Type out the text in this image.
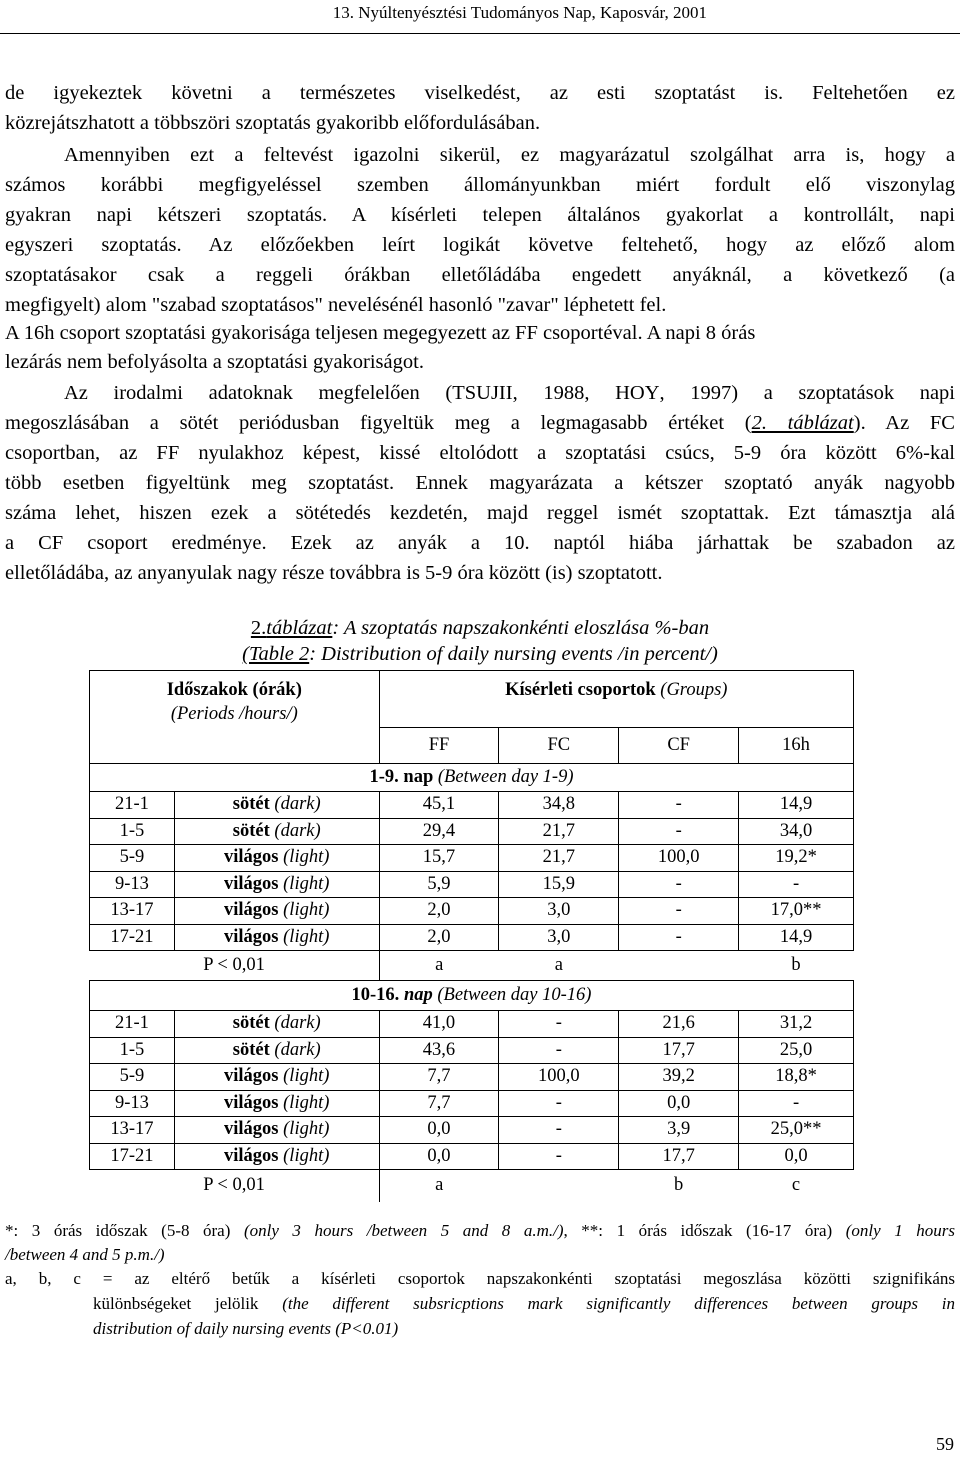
13. Nyúltenyésztési Tudományos Nap, Kaposvár, 2001
de igyekeztek követni a természetes viselkedést, az esti szoptatást is. Feltehetően ez
közrejátszhatott a többszöri szoptatás gyakoribb előfordulásában.
Amennyiben ezt a feltevést igazolni sikerül, ez magyarázatul szolgálhat arra is, hogy a
számos korábbi megfigyeléssel szemben állományunkban miért fordult elő viszonylag
gyakran napi kétszeri szoptatás. A kísérleti telepen általános gyakorlat a kontrollált, napi
egyszeri szoptatás. Az előzőekben leírt logikát követve feltehető, hogy az előző alom
szoptatásakor csak a reggeli órákban elletőládába engedett anyáknál, a következő (a
megfigyelt) alom "szabad szoptatásos" nevelésénél hasonló "zavar" léphetett fel.
A 16h csoport szoptatási gyakorisága teljesen megegyezett az FF csoportéval. A napi 8 órás
lezárás nem befolyásolta a szoptatási gyakoriságot.
Az irodalmi adatoknak megfelelően (TSUJII, 1988, HOY, 1997) a szoptatások napi
megoszlásában a sötét periódusban figyeltük meg a legmagasabb értéket (2. táblázat). Az FC
csoportban, az FF nyulakhoz képest, kissé eltolódott a szoptatási csúcs, 5-9 óra között 6%-kal
több esetben figyeltünk meg szoptatást. Ennek magyarázata a kétszer szoptató anyák nagyobb
száma lehet, hiszen ezek a sötétedés kezdetén, majd reggel ismét szoptattak. Ezt támasztja alá
a CF csoport eredménye. Ezek az anyák a 10. naptól hiába járhattak be szabadon az
elletőládába, az anyanyulak nagy része továbbra is 5-9 óra között (is) szoptatott.
2.táblázat: A szoptatás napszakonkénti eloszlása %-ban
(Table 2: Distribution of daily nursing events /in percent/)
Időszakok (órák)		Kísérleti csoportok (Groups)			
(Periods /hours/)					
		FF	FC	CF	16h
1-9. nap (Between day 1-9)					
21-1	sötét (dark)	45,1	34,8	-	14,9
1-5	sötét (dark)	29,4	21,7	-	34,0
5-9	világos (light)	15,7	21,7	100,0	19,2*
9-13	világos (light)	5,9	15,9	-	-
13-17	világos (light)	2,0	3,0	-	17,0**
17-21	világos (light)	2,0	3,0	-	14,9
P < 0,01		a	a		b
10-16. nap (Between day 10-16)					
21-1	sötét (dark)	41,0	-	21,6	31,2
1-5	sötét (dark)	43,6	-	17,7	25,0
5-9	világos (light)	7,7	100,0	39,2	18,8*
9-13	világos (light)	7,7	-	0,0	-
13-17	világos (light)	0,0	-	3,9	25,0**
17-21	világos (light)	0,0	-	17,7	0,0
P < 0,01		a		b	c
*: 3 órás időszak (5-8 óra) (only 3 hours /between 5 and 8 a.m./), **: 1 órás időszak (16-17 óra) (only 1 hours
/between 4 and 5 p.m./)
a, b, c = az eltérő betűk a kísérleti csoportok napszakonkénti szoptatási megoszlása közötti szignifikáns
különbségeket jelölik (the different subsricptions mark significantly differences between groups in
distribution of daily nursing events (P<0.01)
59
